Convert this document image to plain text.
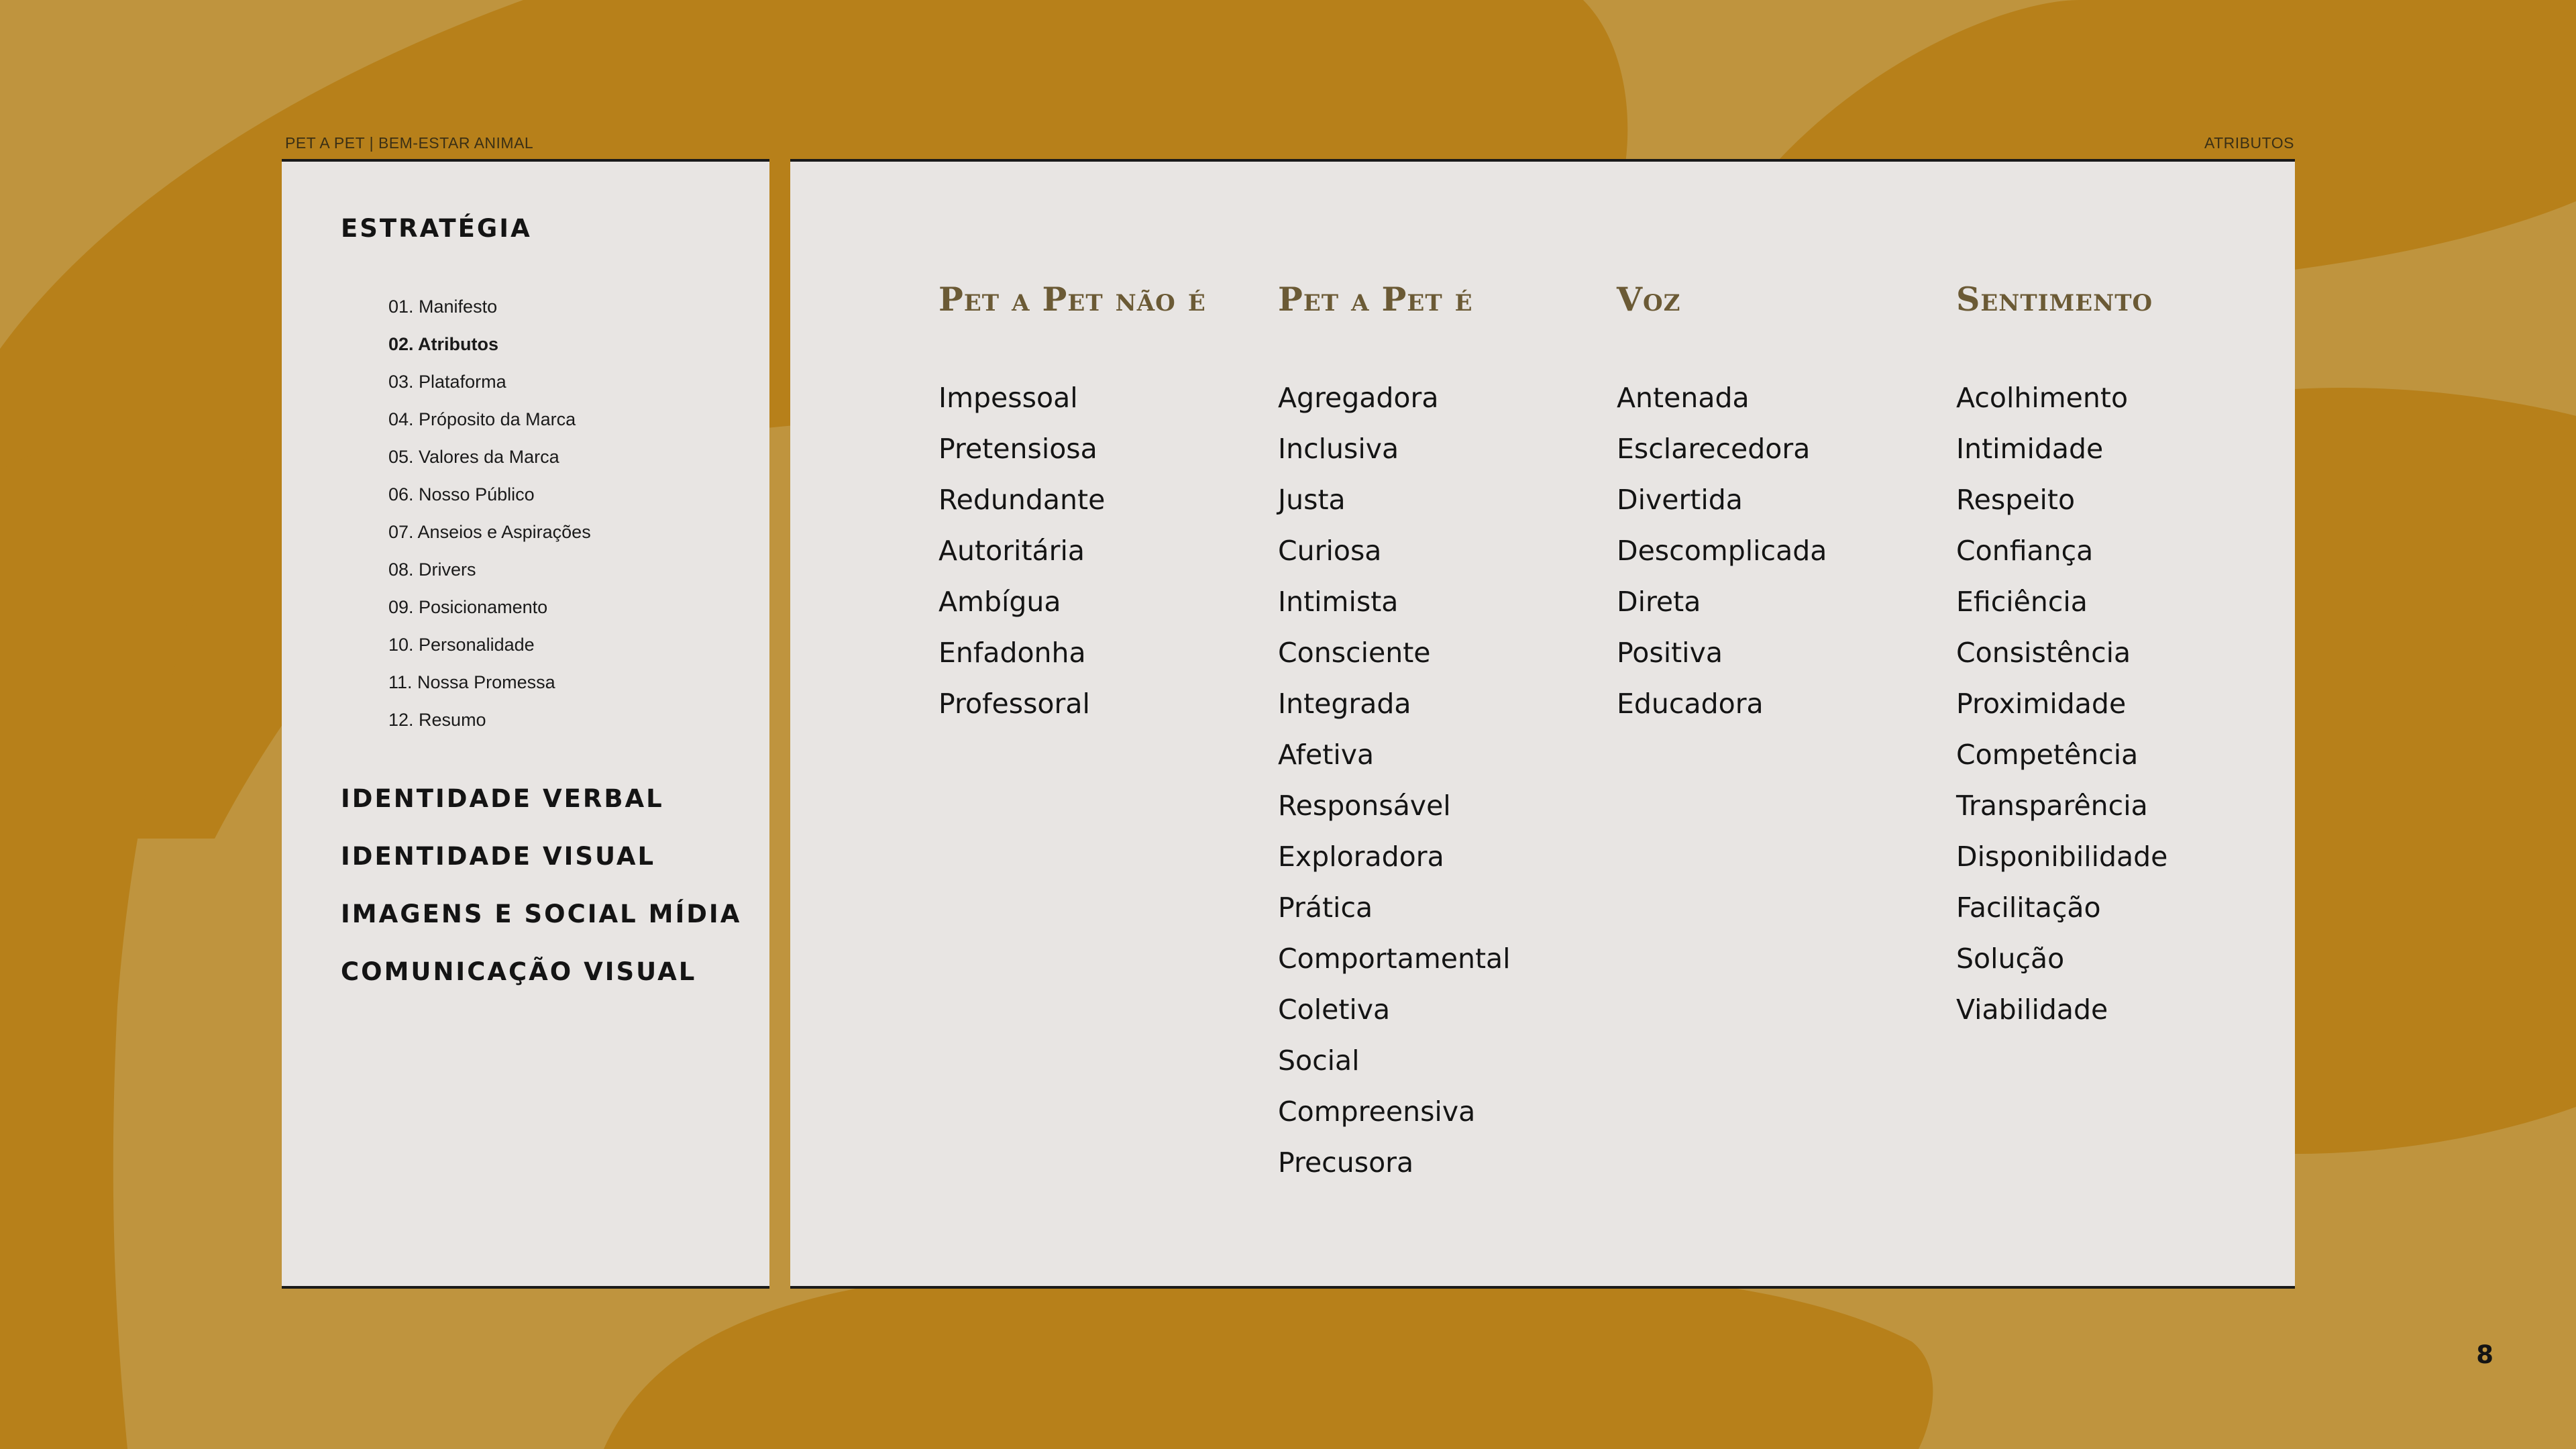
PET A PET | BEM-ESTAR ANIMAL	ATRIBUTOS
ESTRATÉGIA
01. Manifesto
02. Atributos
03. Plataforma
04. Próposito da Marca
05. Valores da Marca
06. Nosso Público
07. Anseios e Aspirações
08. Drivers
09. Posicionamento
10. Personalidade
11. Nossa Promessa
12. Resumo
IDENTIDADE VERBAL
IDENTIDADE VISUAL
IMAGENS E SOCIAL MÍDIA
COMUNICAÇÃO VISUAL
Pet a Pet não é
Impessoal
Pretensiosa
Redundante
Autoritária
Ambígua
Enfadonha
Professoral
Pet a Pet é
Agregadora
Inclusiva
Justa
Curiosa
Intimista
Consciente
Integrada
Afetiva
Responsável
Exploradora
Prática
Comportamental
Coletiva
Social
Compreensiva
Precusora
Voz
Antenada
Esclarecedora
Divertida
Descomplicada
Direta
Positiva
Educadora
Sentimento
Acolhimento
Intimidade
Respeito
Confiança
Eficiência
Consistência
Proximidade
Competência
Transparência
Disponibilidade
Facilitação
Solução
Viabilidade
8
